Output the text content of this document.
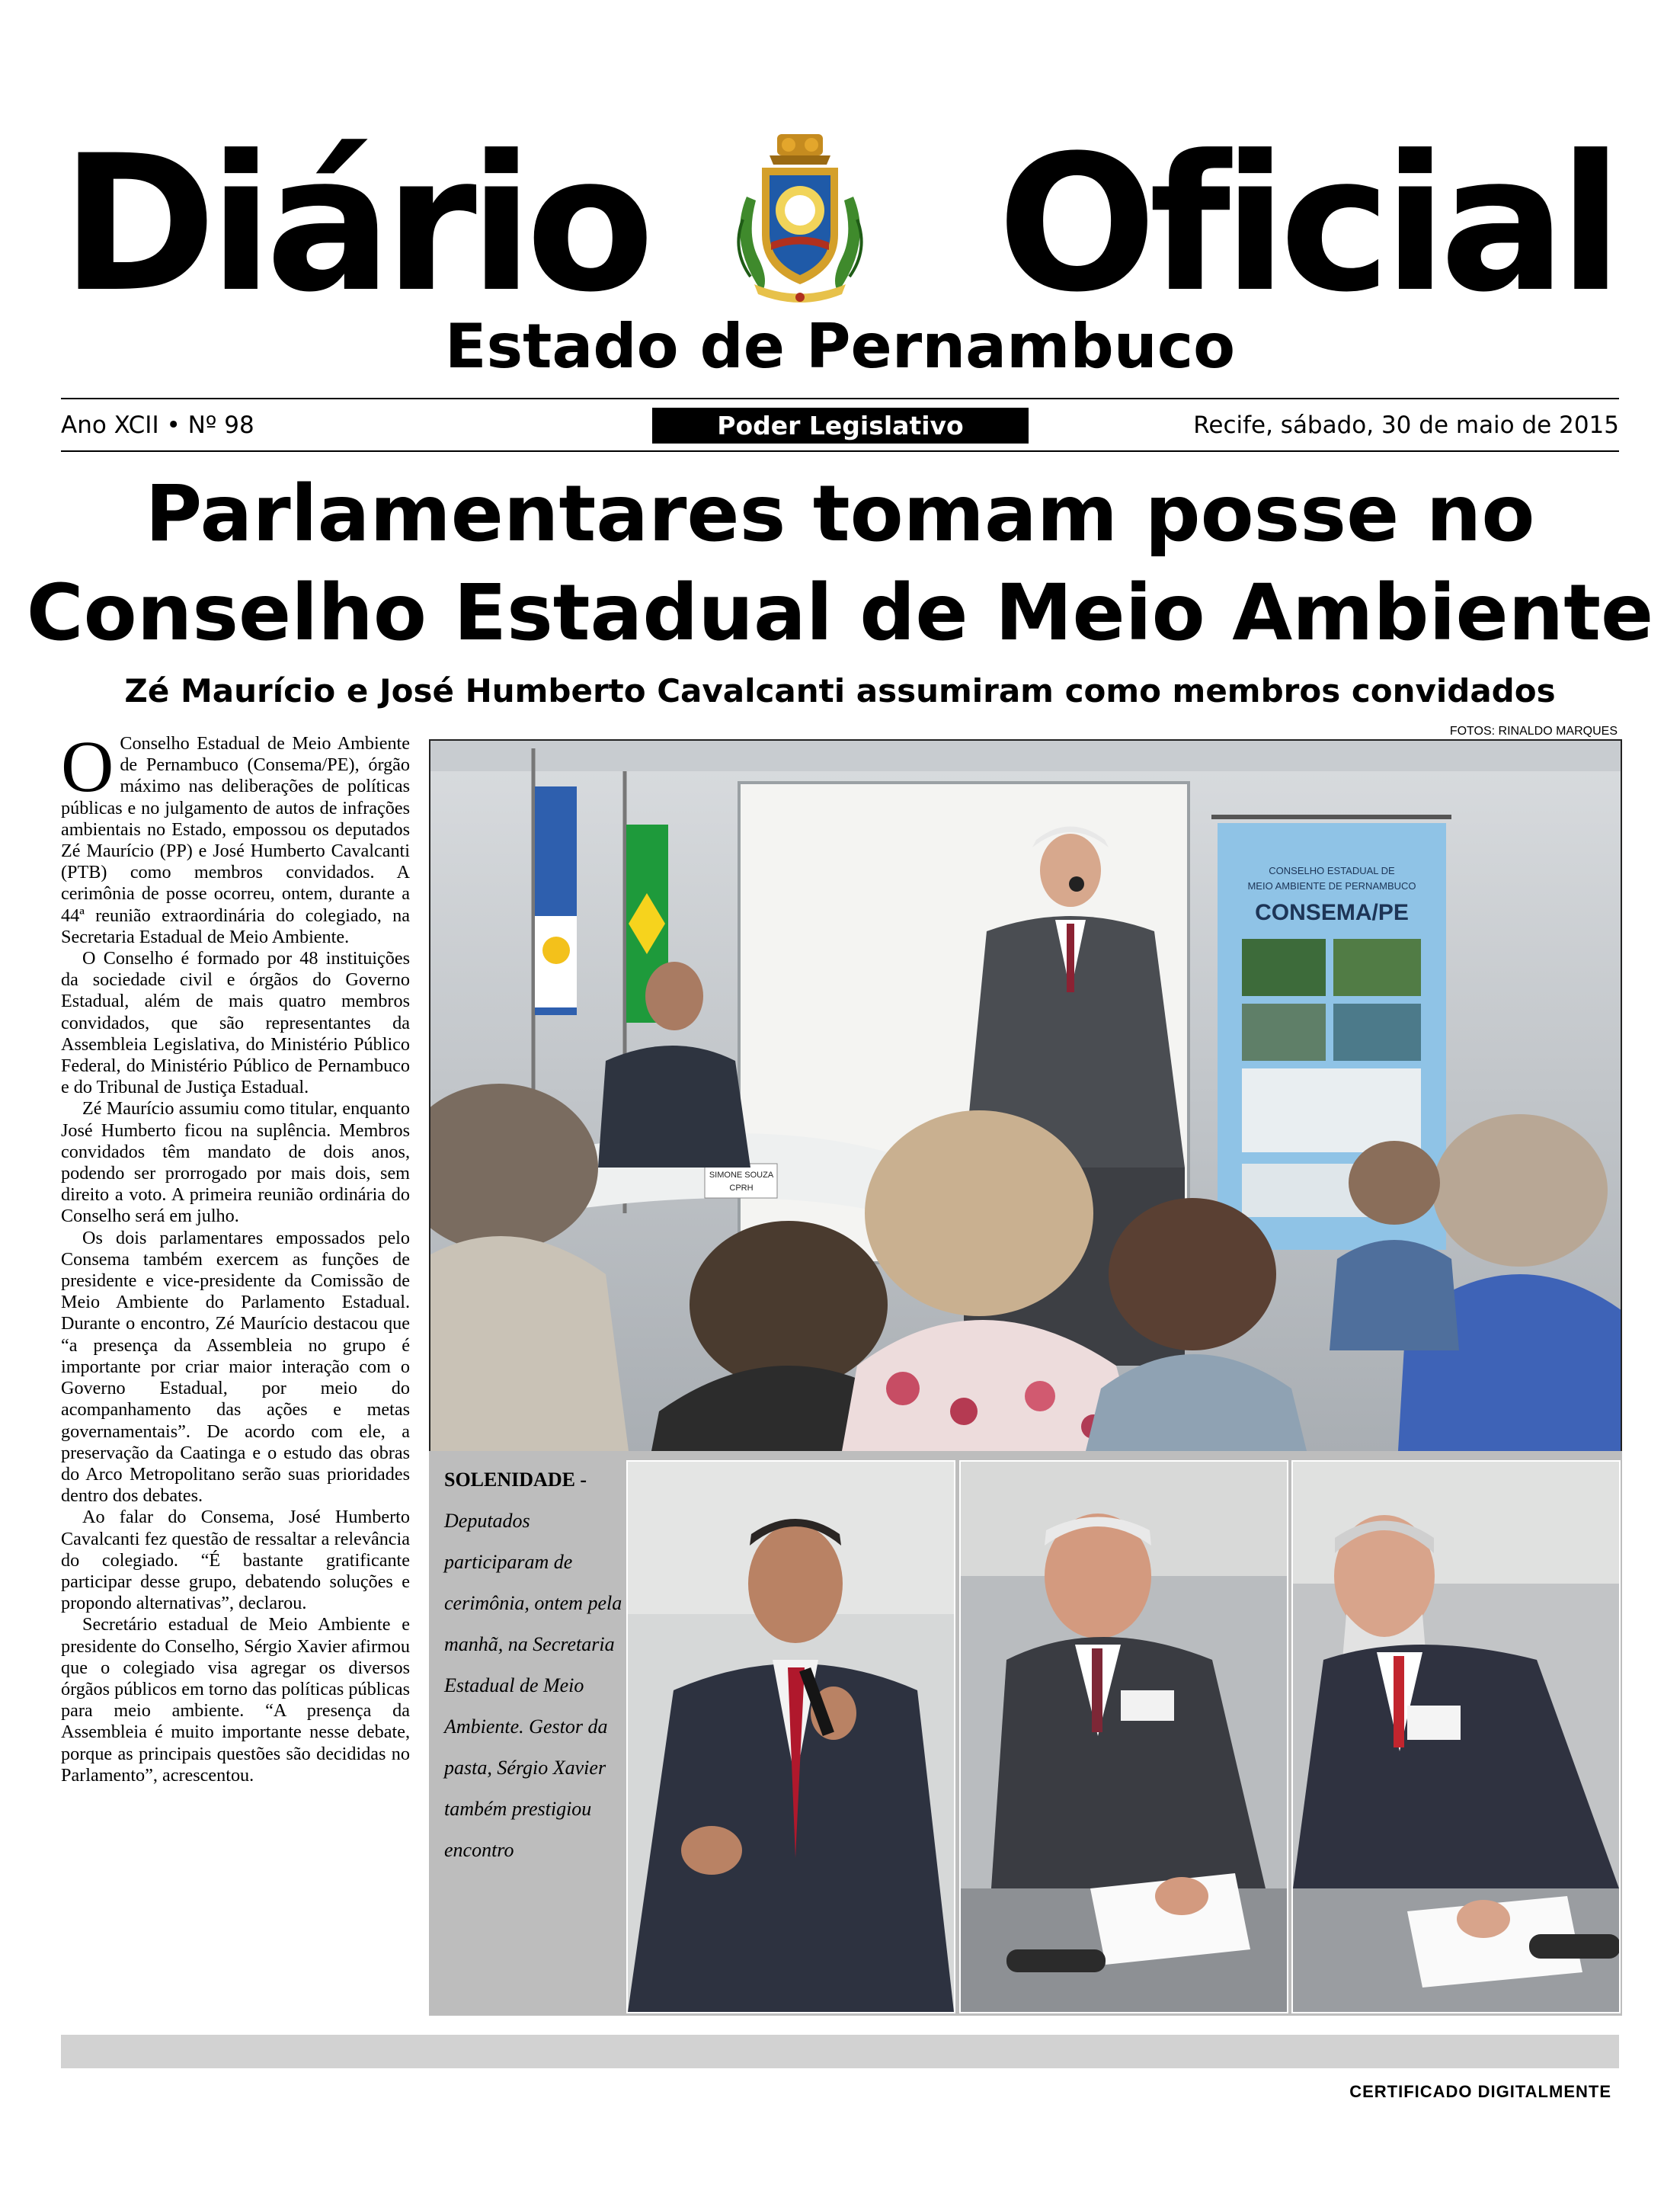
Diário Oficial
Estado de Pernambuco
Ano XCII • Nº 98	Poder Legislativo	Recife, sábado, 30 de maio de 2015
Parlamentares tomam posse no
Conselho Estadual de Meio Ambiente
Zé Maurício e José Humberto Cavalcanti assumiram como membros convidados

O Conselho Estadual de Meio Ambiente de Pernambuco (Consema/PE), órgão máximo nas deliberações de políticas públicas e no julgamento de autos de infrações ambientais no Estado, empossou os deputados Zé Maurício (PP) e José Humberto Cavalcanti (PTB) como membros convidados. A cerimônia de posse ocorreu, ontem, durante a 44ª reunião extraordinária do colegiado, na Secretaria Estadual de Meio Ambiente.

O Conselho é formado por 48 instituições da sociedade civil e órgãos do Governo Estadual, além de mais quatro membros convidados, que são representantes da Assembleia Legislativa, do Ministério Público Federal, do Ministério Público de Pernambuco e do Tribunal de Justiça Estadual.

Zé Maurício assumiu como titular, enquanto José Humberto ficou na suplência. Membros convidados têm mandato de dois anos, podendo ser prorrogado por mais dois, sem direito a voto. A primeira reunião ordinária do Conselho será em julho.

Os dois parlamentares empossados pelo Consema também exercem as funções de presidente e vice-presidente da Comissão de Meio Ambiente do Parlamento Estadual. Durante o encontro, Zé Maurício destacou que “a presença da Assembleia no grupo é importante por criar maior interação com o Governo Estadual, por meio do acompanhamento das ações e metas governamentais”. De acordo com ele, a preservação da Caatinga e o estudo das obras do Arco Metropolitano serão suas prioridades dentro dos debates.

Ao falar do Consema, José Humberto Cavalcanti fez questão de ressaltar a relevância do colegiado. “É bastante gratificante participar desse grupo, debatendo soluções e propondo alternativas”, declarou.

Secretário estadual de Meio Ambiente e presidente do Conselho, Sérgio Xavier afirmou que o colegiado visa agregar os diversos órgãos públicos em torno das políticas públicas para meio ambiente. “A presença da Assembleia é muito importante nesse debate, porque as principais questões são decididas no Parlamento”, acrescentou.

FOTOS: RINALDO MARQUES
CONSELHO ESTADUAL DE
MEIO AMBIENTE DE PERNAMBUCO
CONSEMA/PE
SIMONE SOUZA
CPRH
SOLENIDADE -
Deputados participaram de cerimônia, ontem pela manhã, na Secretaria Estadual de Meio Ambiente. Gestor da pasta, Sérgio Xavier também prestigiou encontro
CERTIFICADO DIGITALMENTE
